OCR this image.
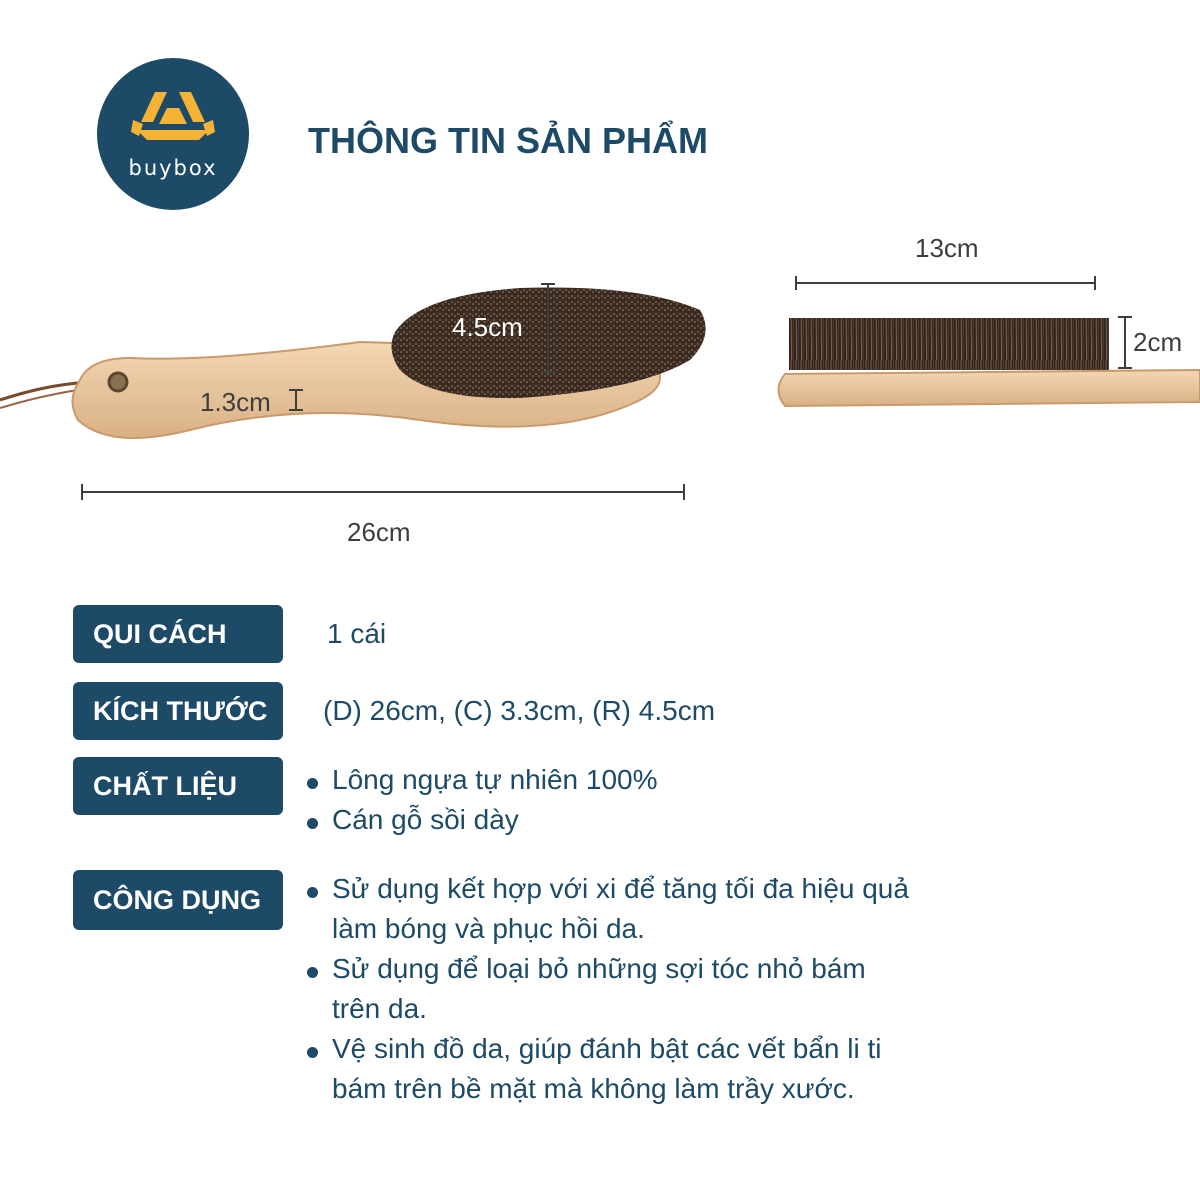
buybox
THÔNG TIN SẢN PHẨM
4.5cm
1.3cm
26cm
13cm
2cm
QUI CÁCH	1 cái
KÍCH THƯỚC	(D) 26cm, (C) 3.3cm, (R) 4.5cm
CHẤT LIỆU	Lông ngựa tự nhiên 100%
Cán gỗ sồi dày
CÔNG DỤNG	Sử dụng kết hợp với xi để tăng tối đa hiệu quả
làm bóng và phục hồi da.
Sử dụng để loại bỏ những sợi tóc nhỏ bám
trên da.
Vệ sinh đồ da, giúp đánh bật các vết bẩn li ti
bám trên bề mặt mà không làm trầy xước.
